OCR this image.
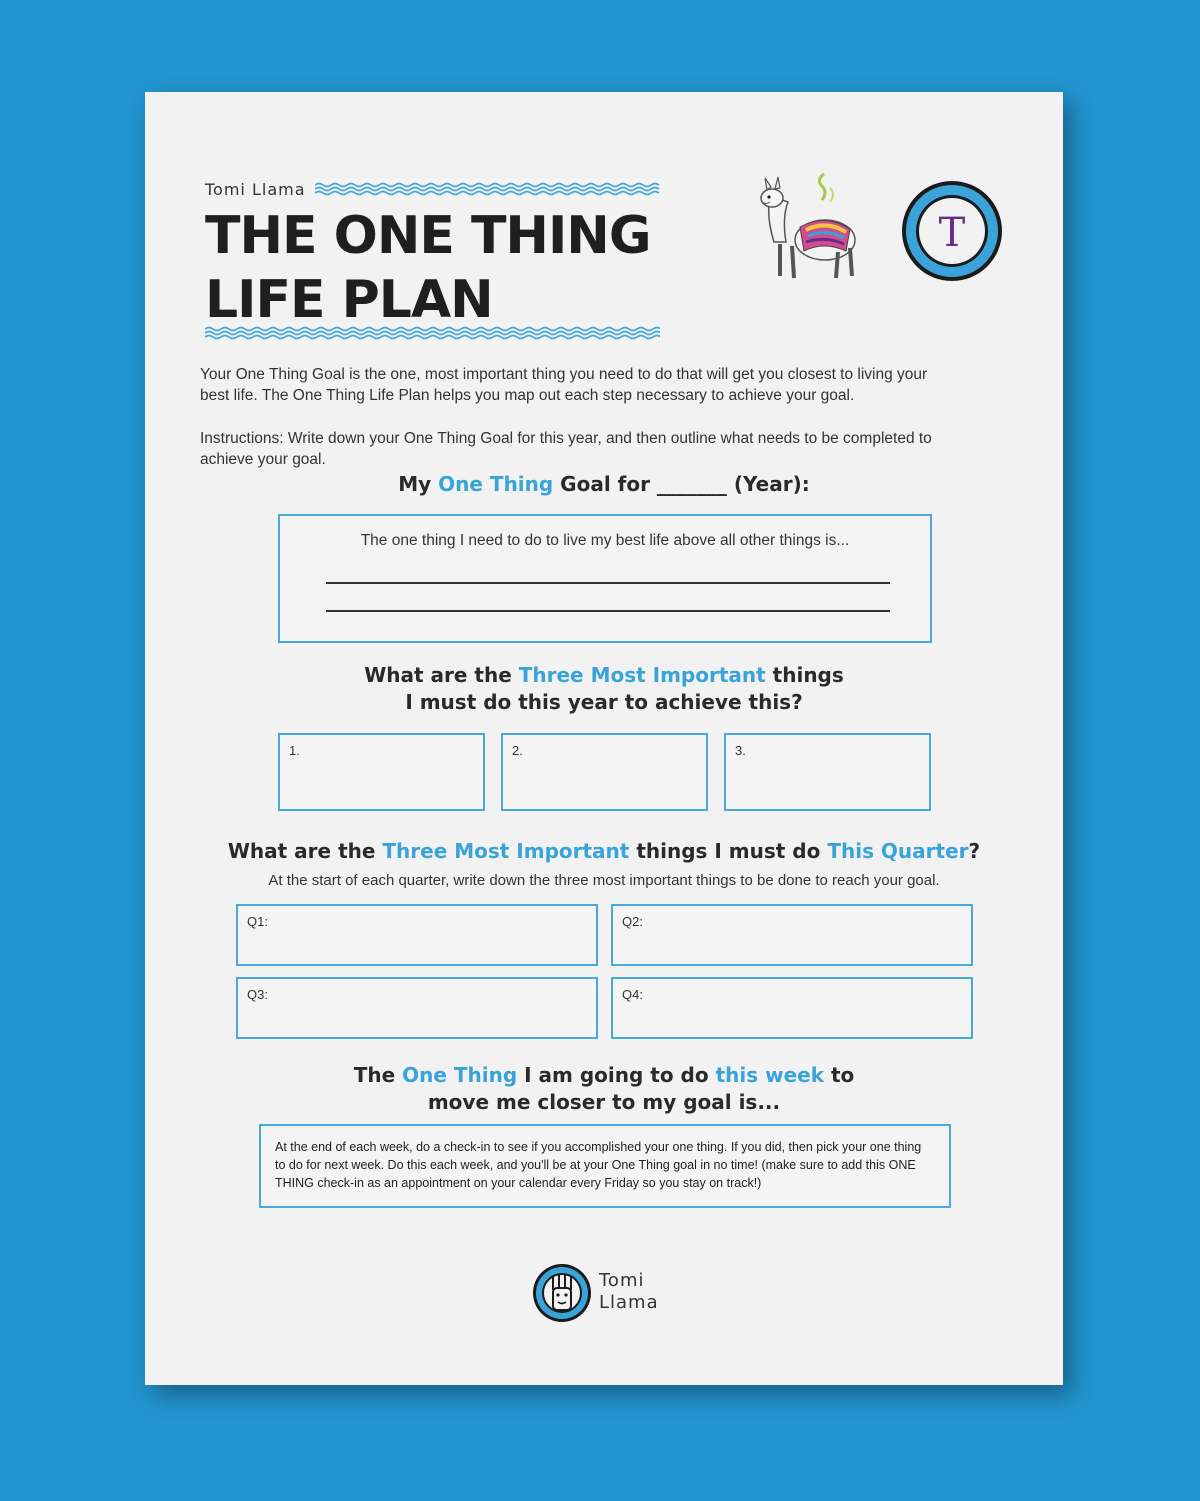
Tomi Llama
THE ONE THING
LIFE PLAN
T

Your One Thing Goal is the one, most important thing you need to do that will get you closest to living your best life. The One Thing Life Plan helps you map out each step necessary to achieve your goal.

Instructions: Write down your One Thing Goal for this year, and then outline what needs to be completed to achieve your goal.

My One Thing Goal for _______ (Year):
The one thing I need to do to live my best life above all other things is...
What are the Three Most Important things
I must do this year to achieve this?
1.	2.	3.
What are the Three Most Important things I must do This Quarter?

At the start of each quarter, write down the three most important things to be done to reach your goal.

Q1:	Q2:
Q3:	Q4:
The One Thing I am going to do this week to
move me closer to my goal is...

At the end of each week, do a check-in to see if you accomplished your one thing. If you did, then pick your one thing to do for next week. Do this each week, and you'll be at your One Thing goal in no time! (make sure to add this ONE THING check-in as an appointment on your calendar every Friday so you stay on track!)

Tomi
Llama
